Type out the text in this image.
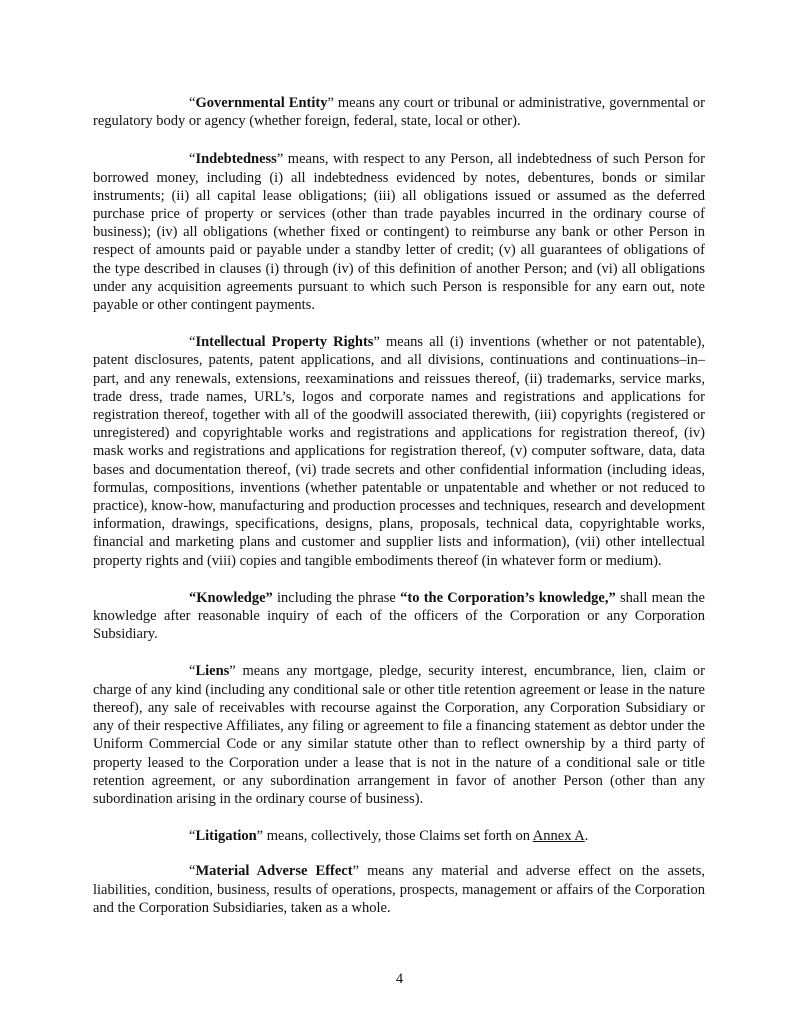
“Governmental Entity” means any court or tribunal or administrative, governmental or regulatory body or agency (whether foreign, federal, state, local or other).

“Indebtedness” means, with respect to any Person, all indebtedness of such Person for borrowed money, including (i) all indebtedness evidenced by notes, debentures, bonds or similar instruments; (ii) all capital lease obligations; (iii) all obligations issued or assumed as the deferred purchase price of property or services (other than trade payables incurred in the ordinary course of business); (iv) all obligations (whether fixed or contingent) to reimburse any bank or other Person in respect of amounts paid or payable under a standby letter of credit; (v) all guarantees of obligations of the type described in clauses (i) through (iv) of this definition of another Person; and (vi) all obligations under any acquisition agreements pursuant to which such Person is responsible for any earn out, note payable or other contingent payments.

“Intellectual Property Rights” means all (i) inventions (whether or not patentable), patent disclosures, patents, patent applications, and all divisions, continuations and continuations–in–part, and any renewals, extensions, reexaminations and reissues thereof, (ii) trademarks, service marks, trade dress, trade names, URL’s, logos and corporate names and registrations and applications for registration thereof, together with all of the goodwill associated therewith, (iii) copyrights (registered or unregistered) and copyrightable works and registrations and applications for registration thereof, (iv) mask works and registrations and applications for registration thereof, (v) computer software, data, data bases and documentation thereof, (vi) trade secrets and other confidential information (including ideas, formulas, compositions, inventions (whether patentable or unpatentable and whether or not reduced to practice), know-how, manufacturing and production processes and techniques, research and development information, drawings, specifications, designs, plans, proposals, technical data, copyrightable works, financial and marketing plans and customer and supplier lists and information), (vii) other intellectual property rights and (viii) copies and tangible embodiments thereof (in whatever form or medium).

“Knowledge” including the phrase “to the Corporation’s knowledge,” shall mean the knowledge after reasonable inquiry of each of the officers of the Corporation or any Corporation Subsidiary.

“Liens” means any mortgage, pledge, security interest, encumbrance, lien, claim or charge of any kind (including any conditional sale or other title retention agreement or lease in the nature thereof), any sale of receivables with recourse against the Corporation, any Corporation Subsidiary or any of their respective Affiliates, any filing or agreement to file a financing statement as debtor under the Uniform Commercial Code or any similar statute other than to reflect ownership by a third party of property leased to the Corporation under a lease that is not in the nature of a conditional sale or title retention agreement, or any subordination arrangement in favor of another Person (other than any subordination arising in the ordinary course of business).

“Litigation” means, collectively, those Claims set forth on Annex A.

“Material Adverse Effect” means any material and adverse effect on the assets, liabilities, condition, business, results of operations, prospects, management or affairs of the Corporation and the Corporation Subsidiaries, taken as a whole.

4
